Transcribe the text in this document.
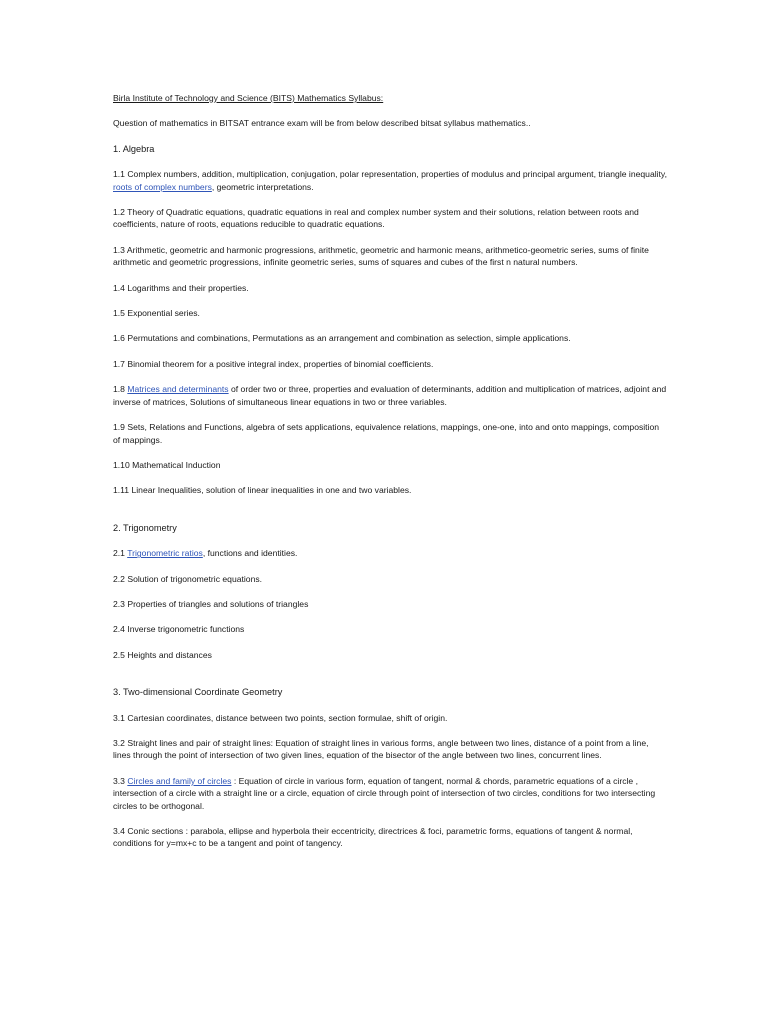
Birla Institute of Technology and Science (BITS) Mathematics Syllabus:

Question of mathematics in BITSAT entrance exam will be from below described bitsat syllabus mathematics..

1. Algebra

1.1 Complex numbers, addition, multiplication, conjugation, polar representation, properties of modulus and principal argument, triangle inequality, roots of complex numbers, geometric interpretations.

1.2 Theory of Quadratic equations, quadratic equations in real and complex number system and their solutions, relation between roots and coefficients, nature of roots, equations reducible to quadratic equations.

1.3 Arithmetic, geometric and harmonic progressions, arithmetic, geometric and harmonic means, arithmetico-geometric series, sums of finite arithmetic and geometric progressions, infinite geometric series, sums of squares and cubes of the first n natural numbers.

1.4 Logarithms and their properties.

1.5 Exponential series.

1.6 Permutations and combinations, Permutations as an arrangement and combination as selection, simple applications.

1.7 Binomial theorem for a positive integral index, properties of binomial coefficients.

1.8 Matrices and determinants of order two or three, properties and evaluation of determinants, addition and multiplication of matrices, adjoint and inverse of matrices, Solutions of simultaneous linear equations in two or three variables.

1.9 Sets, Relations and Functions, algebra of sets applications, equivalence relations, mappings, one-one, into and onto mappings, composition of mappings.

1.10 Mathematical Induction

1.11 Linear Inequalities, solution of linear inequalities in one and two variables.

2. Trigonometry

2.1 Trigonometric ratios, functions and identities.

2.2 Solution of trigonometric equations.

2.3 Properties of triangles and solutions of triangles

2.4 Inverse trigonometric functions

2.5 Heights and distances

3. Two-dimensional Coordinate Geometry

3.1 Cartesian coordinates, distance between two points, section formulae, shift of origin.

3.2 Straight lines and pair of straight lines: Equation of straight lines in various forms, angle between two lines, distance of a point from a line, lines through the point of intersection of two given lines, equation of the bisector of the angle between two lines, concurrent lines.

3.3 Circles and family of circles : Equation of circle in various form, equation of tangent, normal & chords, parametric equations of a circle , intersection of a circle with a straight line or a circle, equation of circle through point of intersection of two circles, conditions for two intersecting circles to be orthogonal.

3.4 Conic sections : parabola, ellipse and hyperbola their eccentricity, directrices & foci, parametric forms, equations of tangent & normal, conditions for y=mx+c to be a tangent and point of tangency.
